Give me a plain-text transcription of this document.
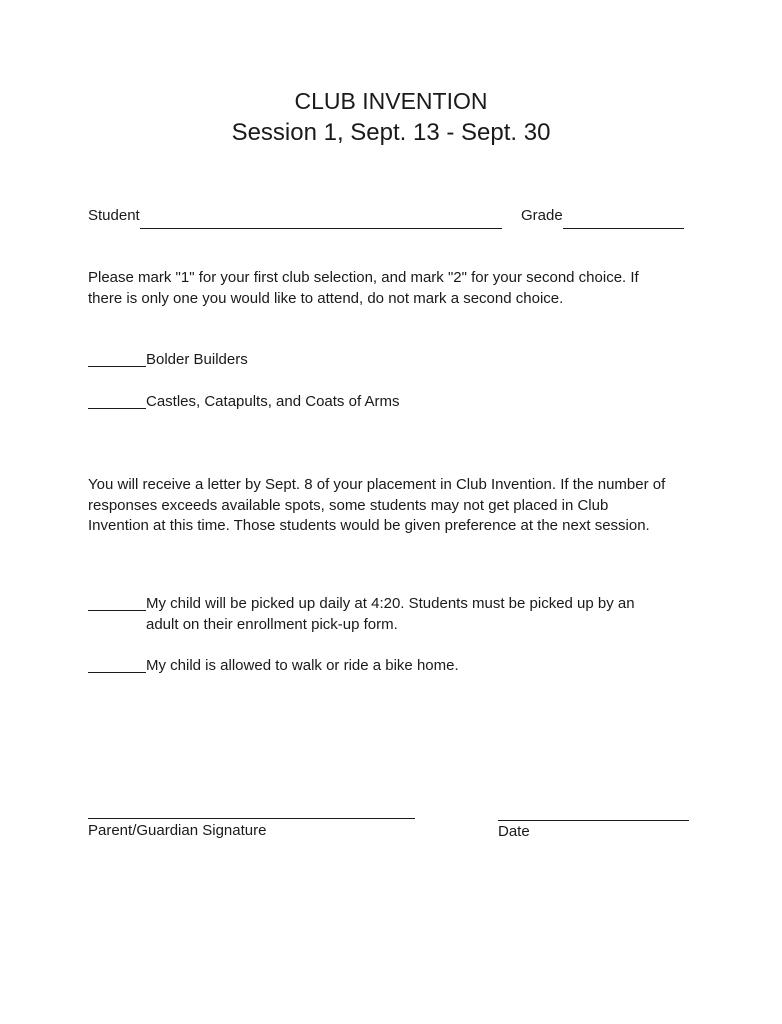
CLUB INVENTION
Session 1, Sept. 13 - Sept. 30
Student	Grade
Please mark "1" for your first club selection, and mark "2" for your second choice. If
there is only one you would like to attend, do not mark a second choice.
Bolder Builders
Castles, Catapults, and Coats of Arms
You will receive a letter by Sept. 8 of your placement in Club Invention. If the number of
responses exceeds available spots, some students may not get placed in Club
Invention at this time. Those students would be given preference at the next session.
My child will be picked up daily at 4:20. Students must be picked up by an
adult on their enrollment pick-up form.
My child is allowed to walk or ride a bike home.
Parent/Guardian Signature	Date
